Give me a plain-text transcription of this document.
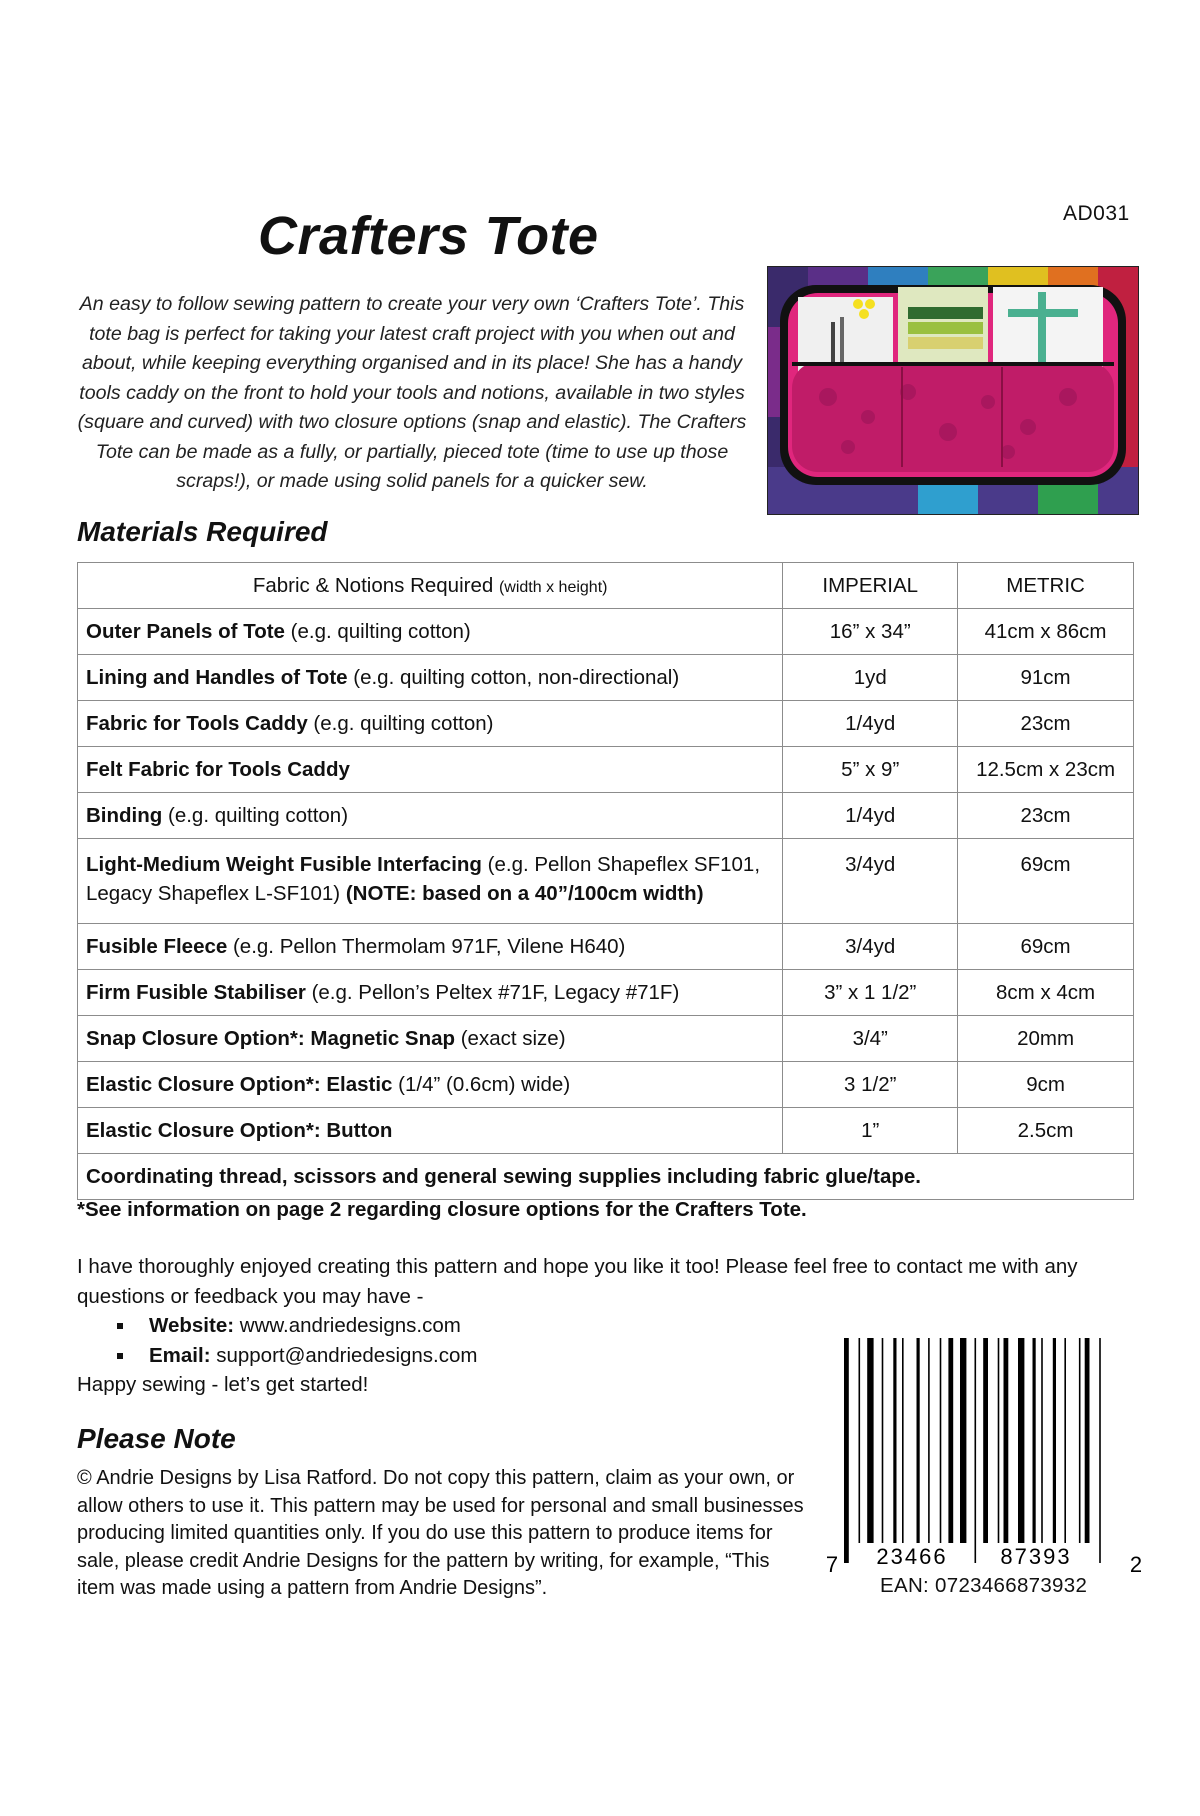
AD031
Crafters Tote
An easy to follow sewing pattern to create your very own ‘Crafters Tote’. This tote bag is perfect for taking your latest craft project with you when out and about, while keeping everything organised and in its place! She has a handy tools caddy on the front to hold your tools and notions, available in two styles (square and curved) with two closure options (snap and elastic). The Crafters Tote can be made as a fully, or partially, pieced tote (time to use up those scraps!), or made using solid panels for a quicker sew.
Materials Required
Fabric & Notions Required (width x height)	IMPERIAL	METRIC
Outer Panels of Tote (e.g. quilting cotton)	16” x 34”	41cm x 86cm
Lining and Handles of Tote (e.g. quilting cotton, non-directional)	1yd	91cm
Fabric for Tools Caddy (e.g. quilting cotton)	1/4yd	23cm
Felt Fabric for Tools Caddy	5” x 9”	12.5cm x 23cm
Binding (e.g. quilting cotton)	1/4yd	23cm
Light-Medium Weight Fusible Interfacing (e.g. Pellon Shapeflex SF101, Legacy Shapeflex L-SF101) (NOTE: based on a 40”/100cm width)	3/4yd	69cm
Fusible Fleece (e.g. Pellon Thermolam 971F, Vilene H640)	3/4yd	69cm
Firm Fusible Stabiliser (e.g. Pellon’s Peltex #71F, Legacy #71F)	3” x 1 1/2”	8cm x 4cm
Snap Closure Option*: Magnetic Snap (exact size)	3/4”	20mm
Elastic Closure Option*: Elastic (1/4” (0.6cm) wide)	3 1/2”	9cm
Elastic Closure Option*: Button	1”	2.5cm
Coordinating thread, scissors and general sewing supplies including fabric glue/tape.		
*See information on page 2 regarding closure options for the Crafters Tote.
I have thoroughly enjoyed creating this pattern and hope you like it too! Please feel free to contact me with any questions or feedback you may have -
Website: www.andriedesigns.com
Email: support@andriedesigns.com
Happy sewing - let’s get started!
Please Note
© Andrie Designs by Lisa Ratford. Do not copy this pattern, claim as your own, or allow others to use it. This pattern may be used for personal and small businesses producing limited quantities only. If you do use this pattern to produce items for sale, please credit Andrie Designs for the pattern by writing, for example, “This item was made using a pattern from Andrie Designs”.
7 23466 87393	2
EAN: 0723466873932
